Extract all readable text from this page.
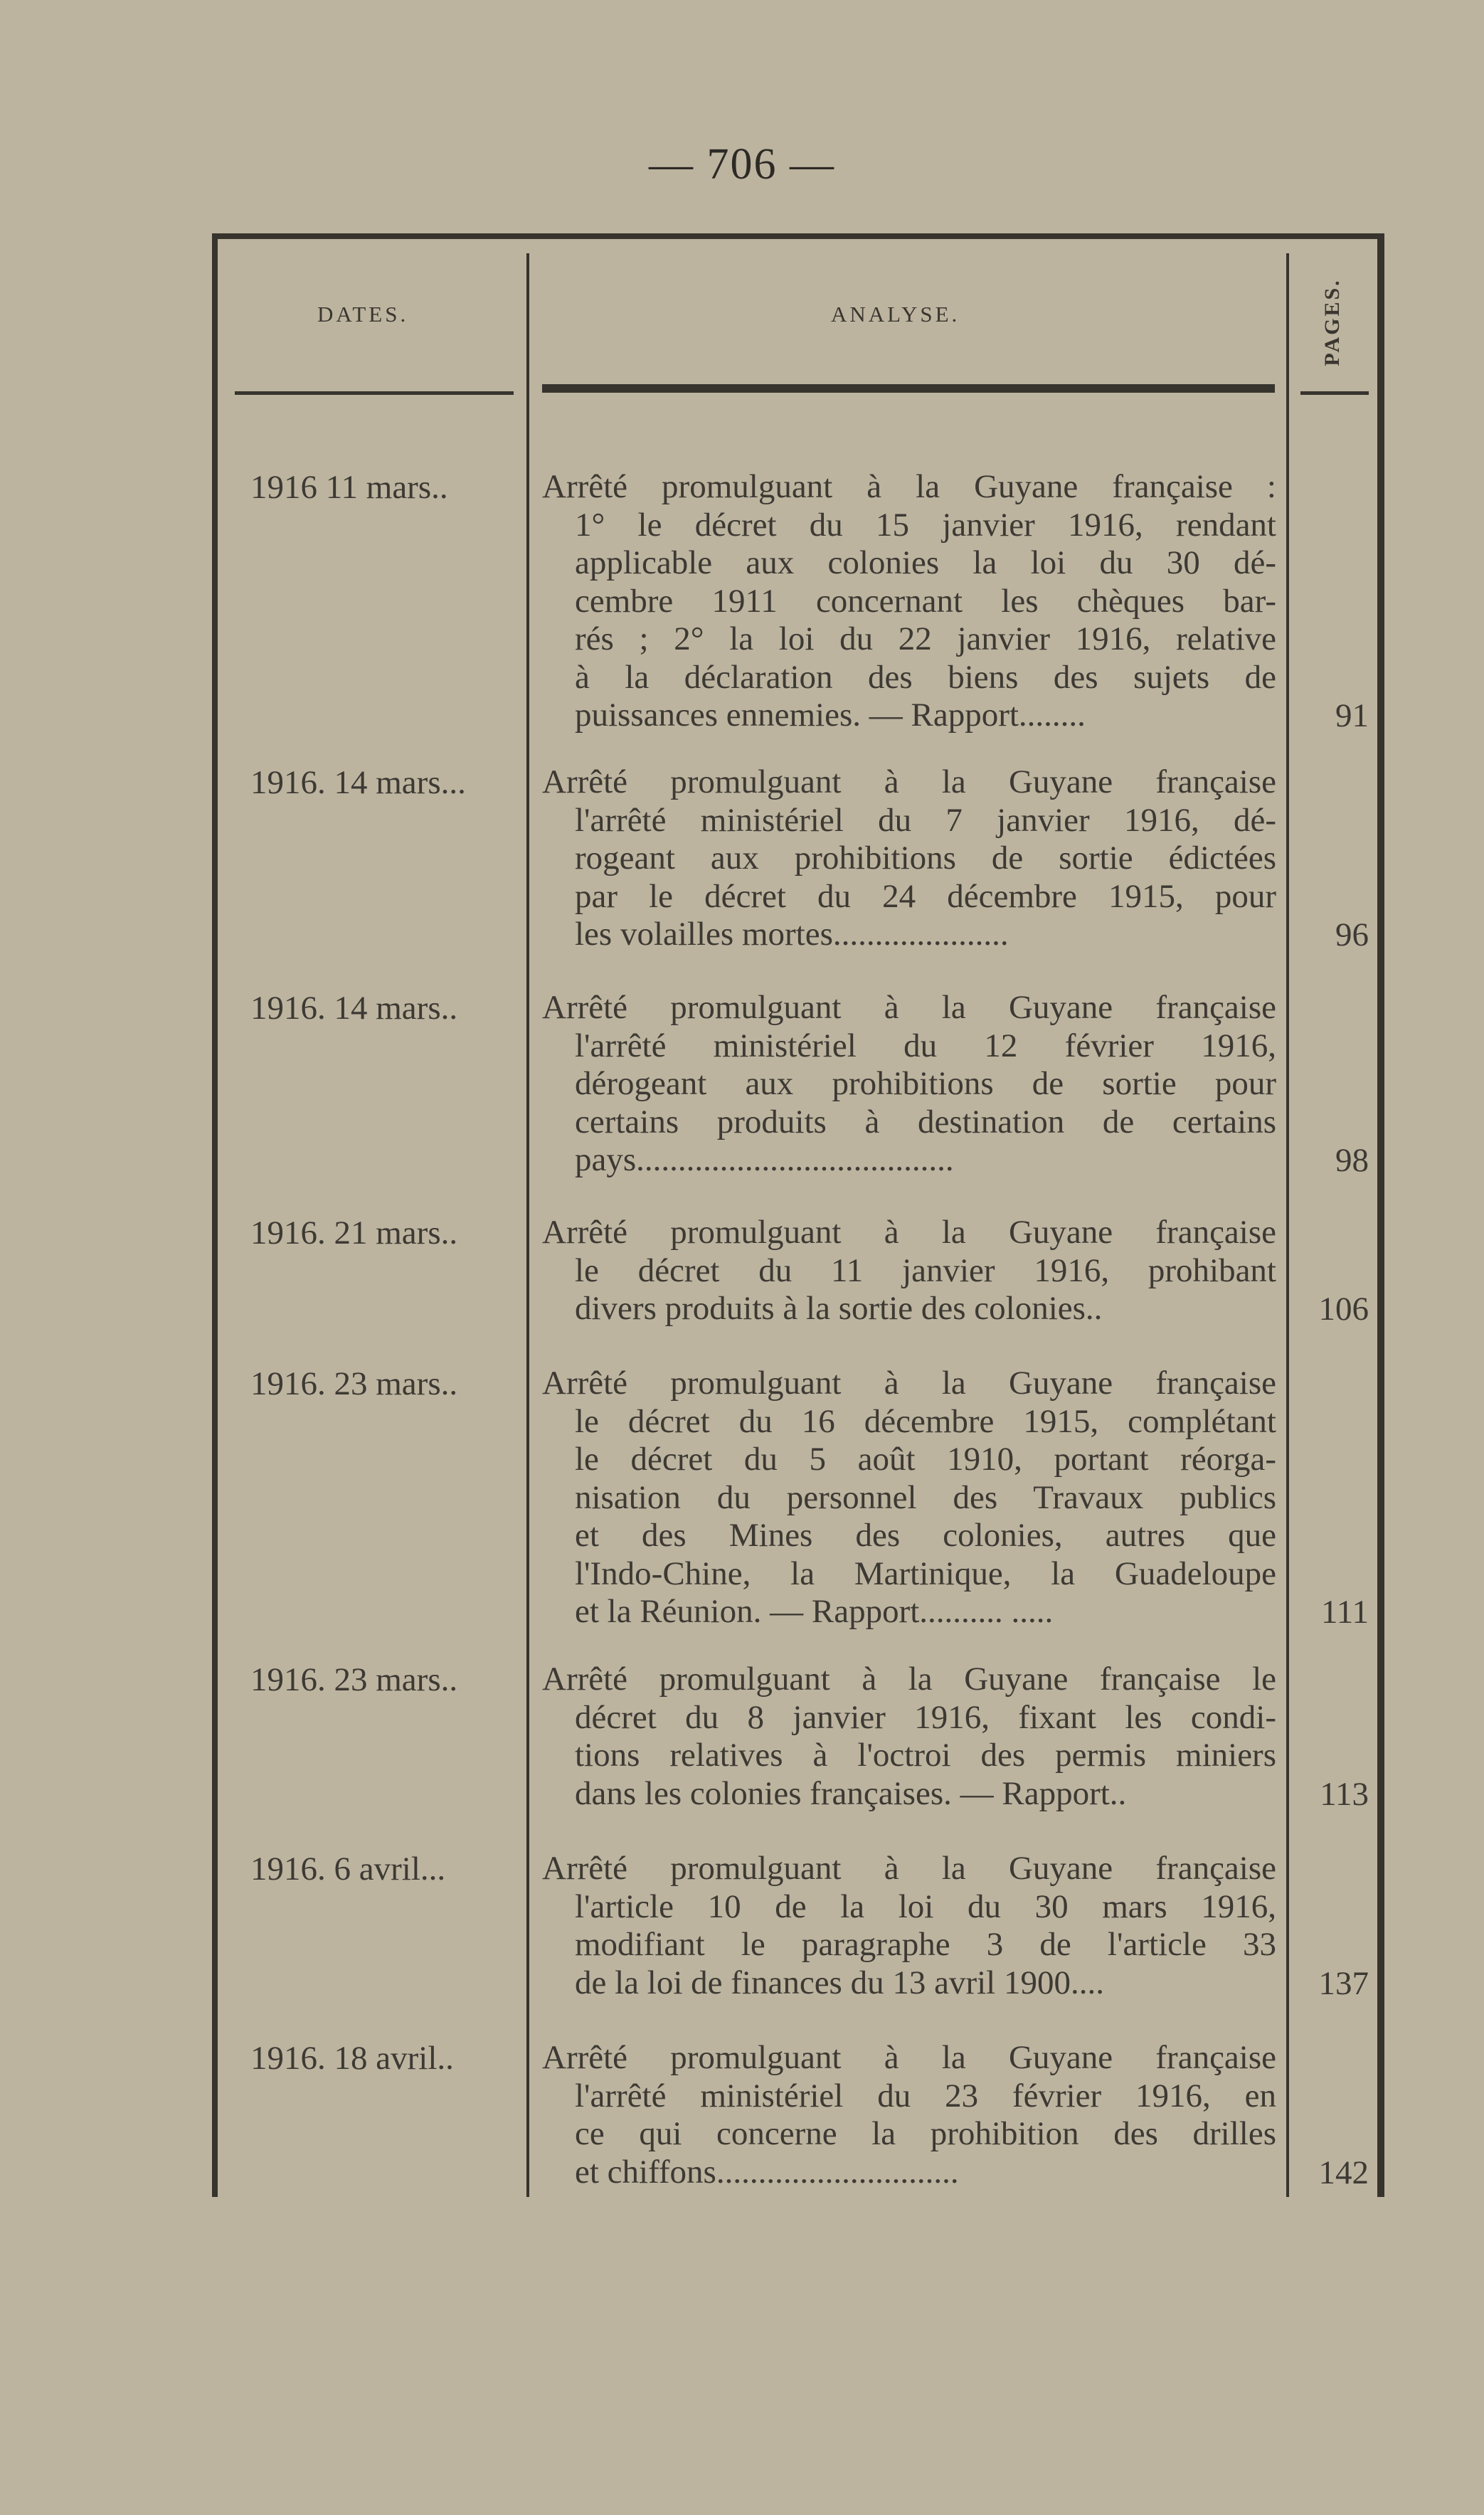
— 706 —
DATES.	ANALYSE.	PAGES.
1916 11 mars..	Arrêté promulguant à la Guyane française :
1° le décret du 15 janvier 1916, rendant
applicable aux colonies la loi du 30 dé-
cembre 1911 concernant les chèques bar-
rés ; 2° la loi du 22 janvier 1916, relative
à la déclaration des biens des sujets de
puissances ennemies. — Rapport........	91
1916. 14 mars... Arrêté promulguant à la Guyane française
l'arrêté ministériel du 7 janvier 1916, dé-
rogeant aux prohibitions de sortie édictées
par le décret du 24 décembre 1915, pour
les volailles mortes.....................	96
1916. 14 mars..	Arrêté promulguant à la Guyane française
l'arrêté ministériel du 12 février 1916,
dérogeant aux prohibitions de sortie pour
certains produits à destination de certains
pays......................................	98
1916. 21 mars..	Arrêté promulguant à la Guyane française
le décret du 11 janvier 1916, prohibant
divers produits à la sortie des colonies..	106
1916. 23 mars..	Arrêté promulguant à la Guyane française
le décret du 16 décembre 1915, complétant
le décret du 5 août 1910, portant réorga-
nisation du personnel des Travaux publics
et des Mines des colonies, autres que
l'Indo-Chine, la Martinique, la Guadeloupe
et la Réunion. — Rapport.......... .....	111
1916. 23 mars..	Arrêté promulguant à la Guyane française le
décret du 8 janvier 1916, fixant les condi-
tions relatives à l'octroi des permis miniers
dans les colonies françaises. — Rapport..	113
1916. 6 avril...	Arrêté promulguant à la Guyane française
l'article 10 de la loi du 30 mars 1916,
modifiant le paragraphe 3 de l'article 33
de la loi de finances du 13 avril 1900....	137
1916. 18 avril..	Arrêté promulguant à la Guyane française
l'arrêté ministériel du 23 février 1916, en
ce qui concerne la prohibition des drilles
et chiffons.............................	142
